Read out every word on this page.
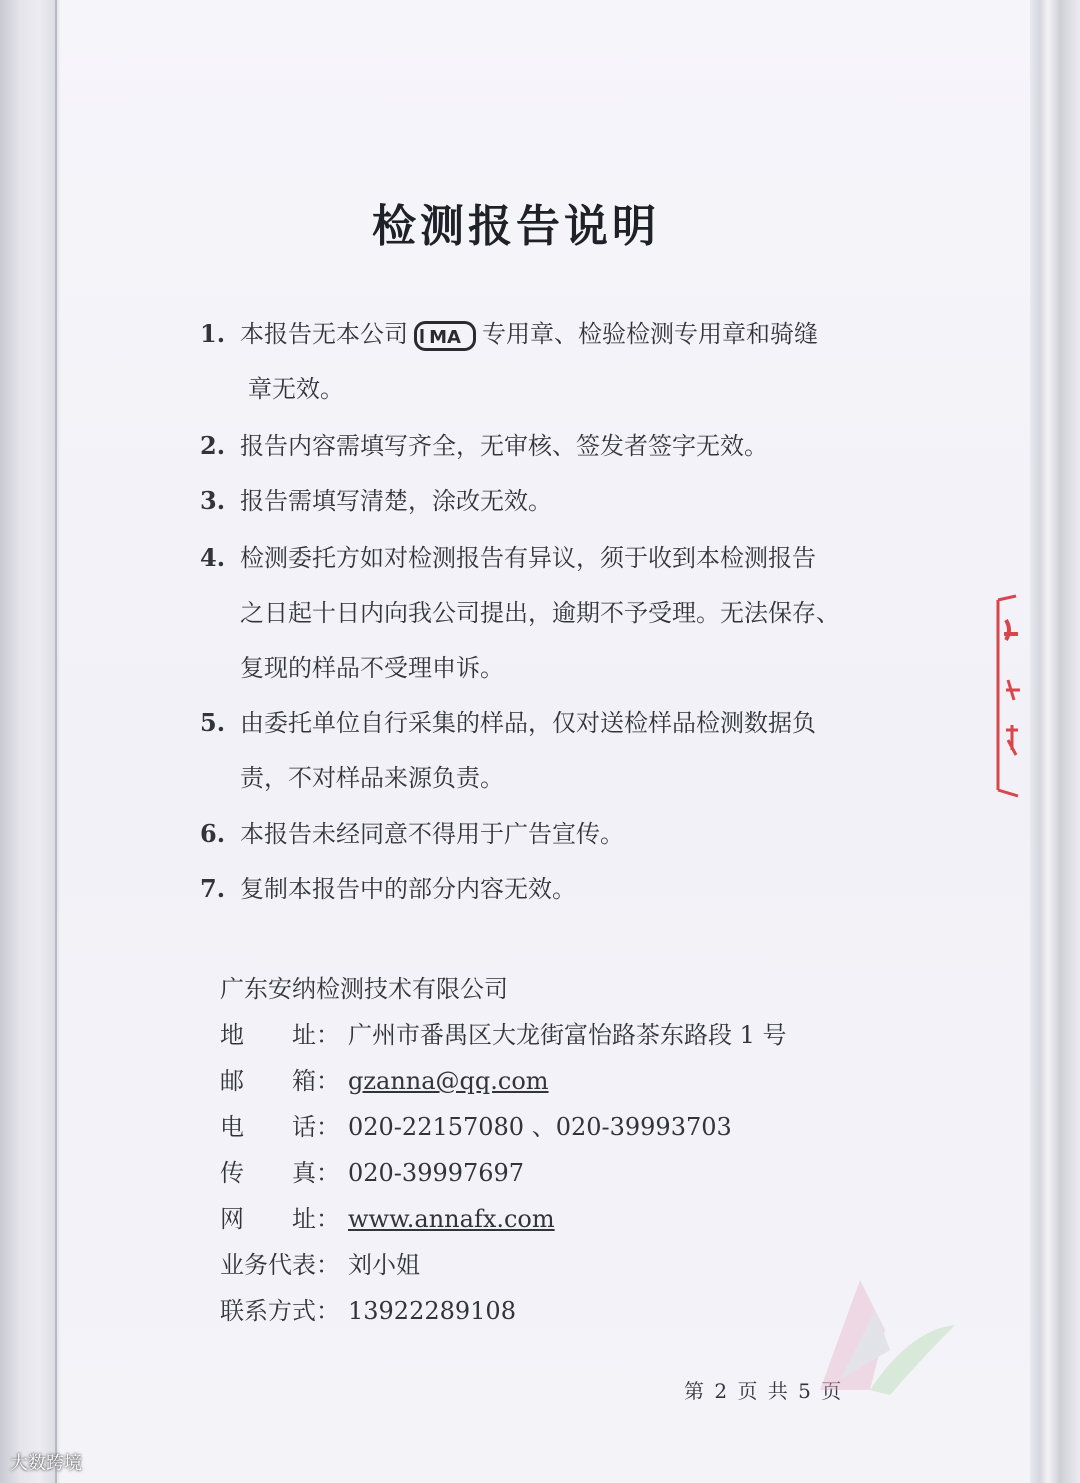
检测报告说明
1. 本报告无本公司 MA 专用章、检验检测专用章和骑缝
章无效。
2. 报告内容需填写齐全，无审核、签发者签字无效。
3. 报告需填写清楚，涂改无效。
4. 检测委托方如对检测报告有异议，须于收到本检测报告
之日起十日内向我公司提出，逾期不予受理。无法保存、
复现的样品不受理申诉。
5. 由委托单位自行采集的样品，仅对送检样品检测数据负
责，不对样品来源负责。
6. 本报告未经同意不得用于广告宣传。
7. 复制本报告中的部分内容无效。
广东安纳检测技术有限公司
地　　址： 广州市番禺区大龙街富怡路茶东路段 1 号
邮　　箱： gzanna@qq.com
电　　话： 020-22157080 、020-39993703
传　　真： 020-39997697
网　　址： www.annafx.com
业务代表： 刘小姐
联系方式： 13922289108
第 2 页 共 5 页
大数跨境
